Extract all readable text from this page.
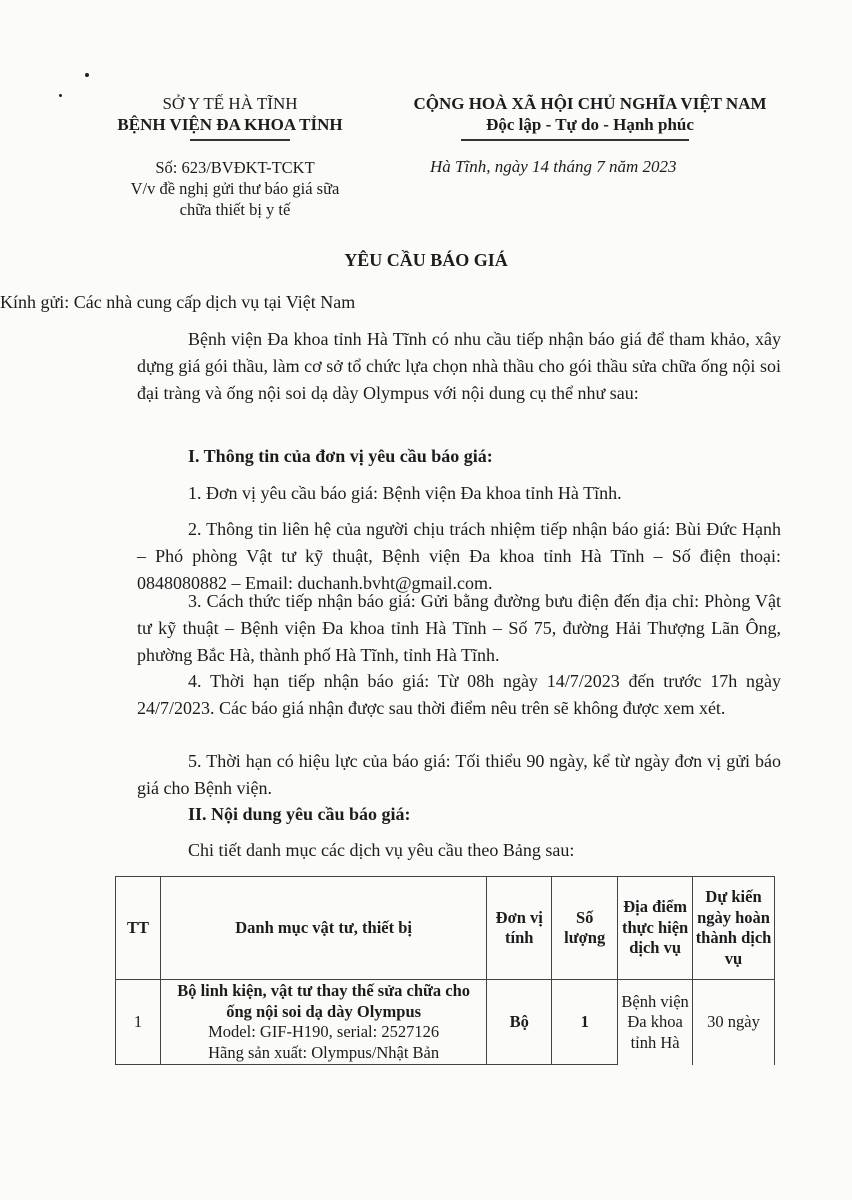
SỞ Y TẾ HÀ TĨNH
BỆNH VIỆN ĐA KHOA TỈNH
CỘNG HOÀ XÃ HỘI CHỦ NGHĨA VIỆT NAM
Độc lập - Tự do - Hạnh phúc
Số: 623/BVĐKT-TCKT
V/v đề nghị gửi thư báo giá sữa
chữa thiết bị y tế
Hà Tĩnh, ngày 14 tháng 7 năm 2023
YÊU CẦU BÁO GIÁ
Kính gửi: Các nhà cung cấp dịch vụ tại Việt Nam
Bệnh viện Đa khoa tỉnh Hà Tĩnh có nhu cầu tiếp nhận báo giá để tham khảo, xây dựng giá gói thầu, làm cơ sở tổ chức lựa chọn nhà thầu cho gói thầu sửa chữa ống nội soi đại tràng và ống nội soi dạ dày Olympus với nội dung cụ thể như sau:
I. Thông tin của đơn vị yêu cầu báo giá:
1. Đơn vị yêu cầu báo giá: Bệnh viện Đa khoa tỉnh Hà Tĩnh.
2. Thông tin liên hệ của người chịu trách nhiệm tiếp nhận báo giá: Bùi Đức Hạnh – Phó phòng Vật tư kỹ thuật, Bệnh viện Đa khoa tỉnh Hà Tĩnh – Số điện thoại: 0848080882 – Email: duchanh.bvht@gmail.com.
3. Cách thức tiếp nhận báo giá: Gửi bằng đường bưu điện đến địa chỉ: Phòng Vật tư kỹ thuật – Bệnh viện Đa khoa tỉnh Hà Tĩnh – Số 75, đường Hải Thượng Lãn Ông, phường Bắc Hà, thành phố Hà Tĩnh, tỉnh Hà Tĩnh.
4. Thời hạn tiếp nhận báo giá: Từ 08h ngày 14/7/2023 đến trước 17h ngày 24/7/2023. Các báo giá nhận được sau thời điểm nêu trên sẽ không được xem xét.
5. Thời hạn có hiệu lực của báo giá: Tối thiểu 90 ngày, kể từ ngày đơn vị gửi báo giá cho Bệnh viện.
II. Nội dung yêu cầu báo giá:
Chi tiết danh mục các dịch vụ yêu cầu theo Bảng sau:
TT	Danh mục vật tư, thiết bị	Đơn vị tính	Số lượng	Địa điểm thực hiện dịch vụ	Dự kiến ngày hoàn thành dịch vụ
1	Bộ linh kiện, vật tư thay thế sửa chữa cho ống nội soi dạ dày Olympus
Model: GIF-H190, serial: 2527126
Hãng sản xuất: Olympus/Nhật Bản	Bộ	1	Bệnh viện Đa khoa tỉnh Hà	30 ngày
